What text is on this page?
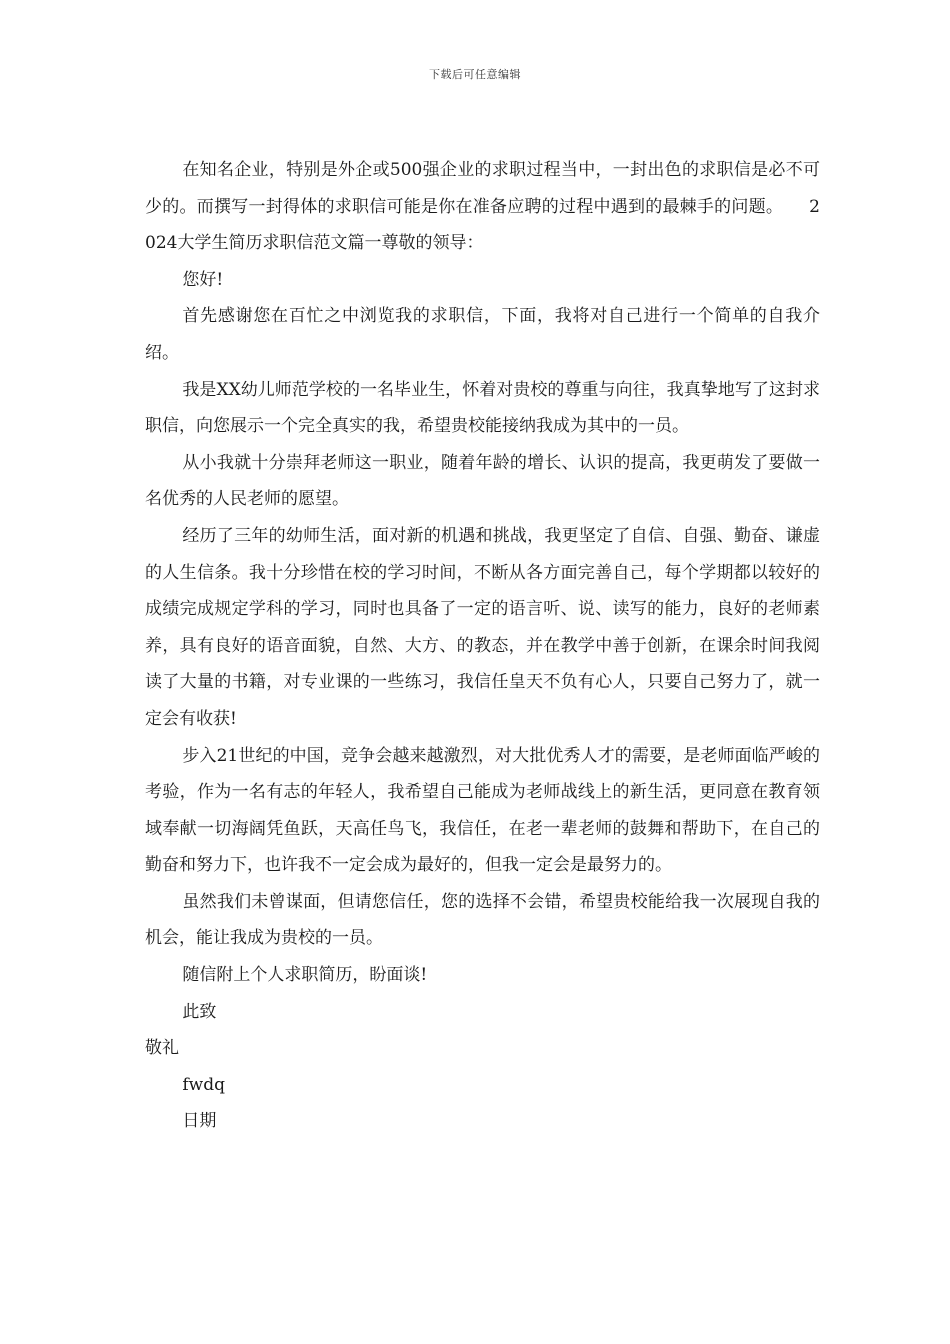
下载后可任意编辑

在知名企业，特别是外企或500强企业的求职过程当中，一封出色的求职信是必不可少的。而撰写一封得体的求职信可能是你在准备应聘的过程中遇到的最棘手的问题。　　2024大学生简历求职信范文篇一尊敬的领导：

您好!

首先感谢您在百忙之中浏览我的求职信，下面，我将对自己进行一个简单的自我介绍。

我是XX幼儿师范学校的一名毕业生，怀着对贵校的尊重与向往，我真挚地写了这封求职信，向您展示一个完全真实的我，希望贵校能接纳我成为其中的一员。

从小我就十分崇拜老师这一职业，随着年龄的增长、认识的提高，我更萌发了要做一名优秀的人民老师的愿望。

经历了三年的幼师生活，面对新的机遇和挑战，我更坚定了自信、自强、勤奋、谦虚的人生信条。我十分珍惜在校的学习时间，不断从各方面完善自己，每个学期都以较好的成绩完成规定学科的学习，同时也具备了一定的语言听、说、读写的能力，良好的老师素养，具有良好的语音面貌，自然、大方、的教态，并在教学中善于创新，在课余时间我阅读了大量的书籍，对专业课的一些练习，我信任皇天不负有心人，只要自己努力了，就一定会有收获!

步入21世纪的中国，竞争会越来越激烈，对大批优秀人才的需要，是老师面临严峻的考验，作为一名有志的年轻人，我希望自己能成为老师战线上的新生活，更同意在教育领域奉献一切海阔凭鱼跃，天高任鸟飞，我信任，在老一辈老师的鼓舞和帮助下，在自己的勤奋和努力下，也许我不一定会成为最好的，但我一定会是最努力的。

虽然我们未曾谋面，但请您信任，您的选择不会错，希望贵校能给我一次展现自我的机会，能让我成为贵校的一员。

随信附上个人求职简历，盼面谈!

此致

敬礼

fwdq

日期
